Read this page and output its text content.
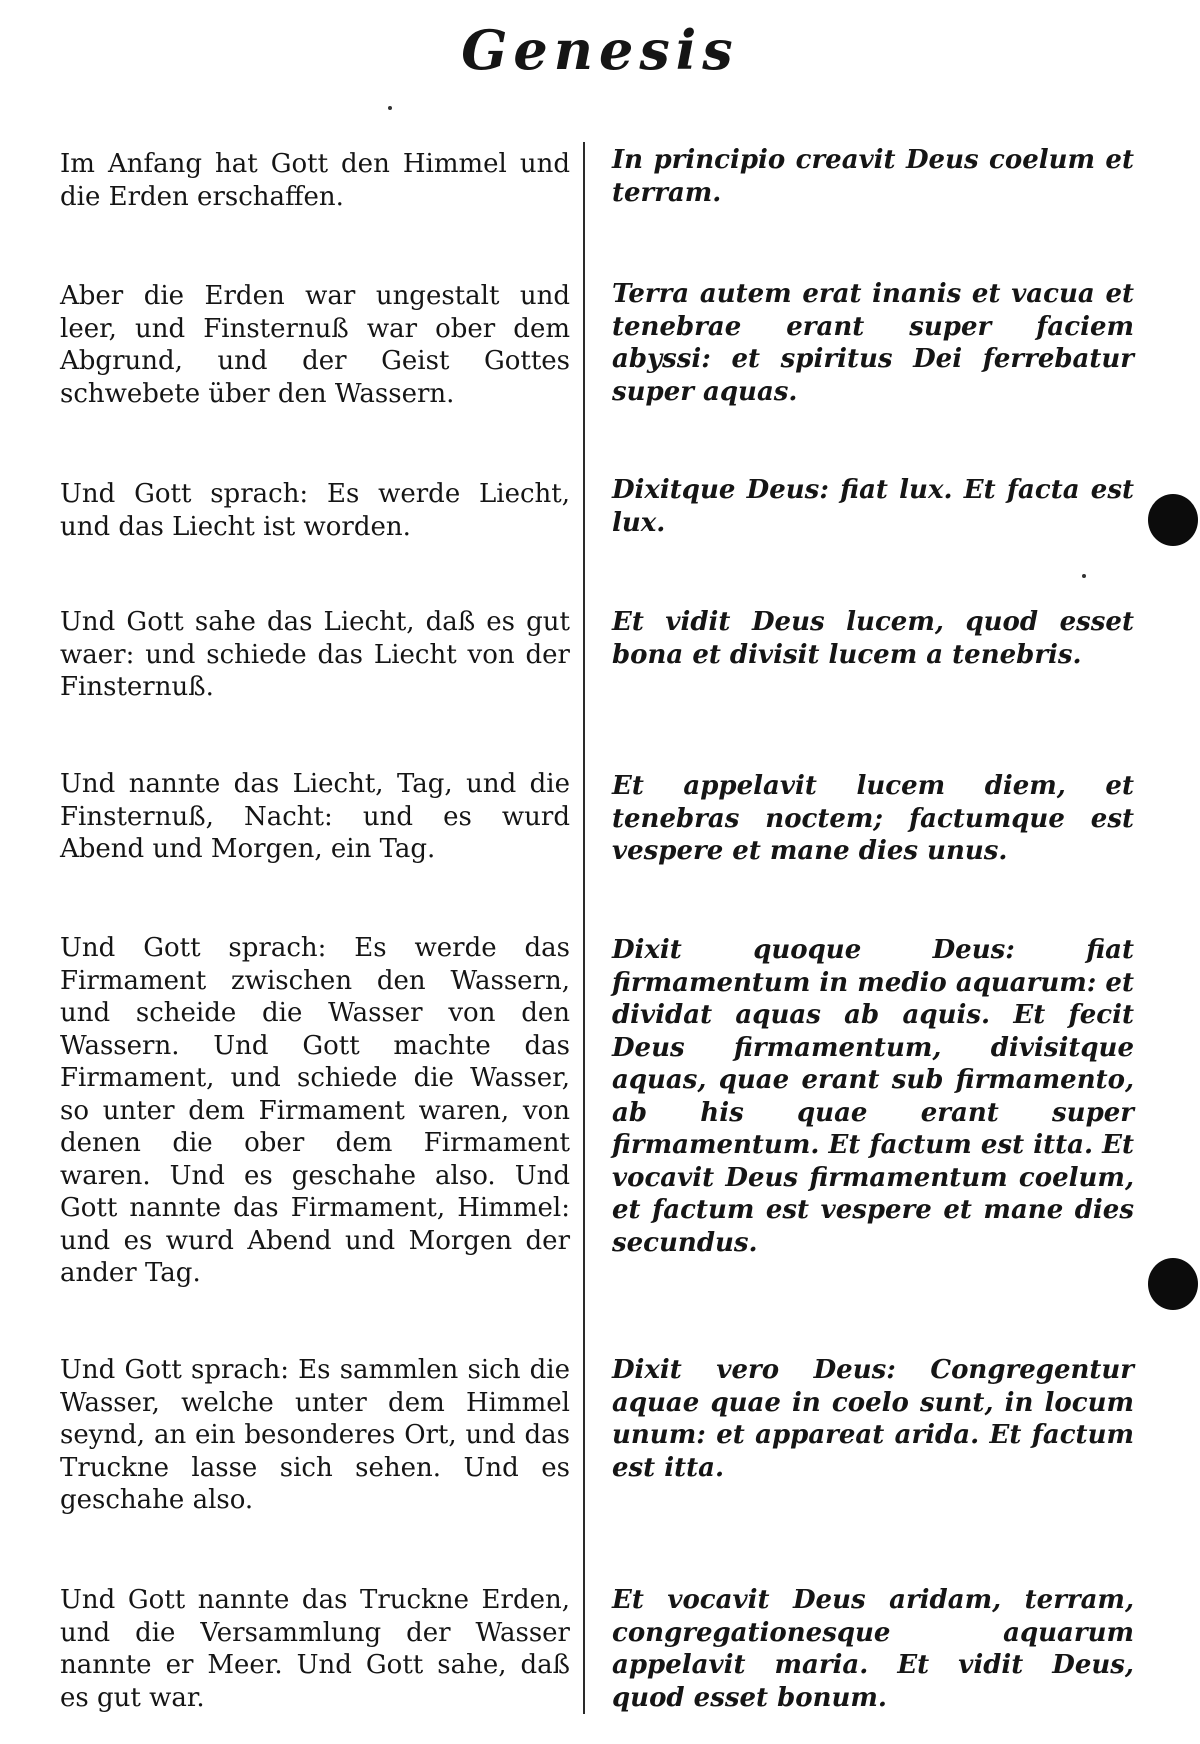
Genesis
Im Anfang hat Gott den Himmel und die Erden erschaffen.
In principio creavit Deus coelum et terram.
Aber die Erden war ungestalt und leer, und Finsternuß war ober dem Abgrund, und der Geist Gottes schwebete über den Wassern.
Terra autem erat inanis et vacua et tenebrae erant super faciem abyssi: et spiritus Dei ferrebatur super aquas.
Und Gott sprach: Es werde Liecht, und das Liecht ist worden.
Dixitque Deus: fiat lux. Et facta est lux.
Und Gott sahe das Liecht, daß es gut waer: und schiede das Liecht von der Finsternuß.
Et vidit Deus lucem, quod esset bona et divisit lucem a tenebris.
Und nannte das Liecht, Tag, und die Finsternuß, Nacht: und es wurd Abend und Morgen, ein Tag.
Et appelavit lucem diem, et tenebras noctem; factumque est vespere et mane dies unus.
Und Gott sprach: Es werde das Firmament zwischen den Wassern, und scheide die Wasser von den Wassern. Und Gott machte das Firmament, und schiede die Wasser, so unter dem Firmament waren, von denen die ober dem Firmament waren. Und es geschahe also. Und Gott nannte das Firmament, Himmel: und es wurd Abend und Morgen der ander Tag.
Dixit quoque Deus: fiat firmamentum in medio aquarum: et dividat aquas ab aquis. Et fecit Deus firmamentum, divisitque aquas, quae erant sub firmamento, ab his quae erant super firmamentum. Et factum est itta. Et vocavit Deus firmamentum coelum, et factum est vespere et mane dies secundus.
Und Gott sprach: Es sammlen sich die Wasser, welche unter dem Himmel seynd, an ein besonderes Ort, und das Truckne lasse sich sehen. Und es geschahe also.
Dixit vero Deus: Congregentur aquae quae in coelo sunt, in locum unum: et appareat arida. Et factum est itta.
Und Gott nannte das Truckne Erden, und die Versammlung der Wasser nannte er Meer. Und Gott sahe, daß es gut war.
Et vocavit Deus aridam, terram, congregationesque aquarum appelavit maria. Et vidit Deus, quod esset bonum.
